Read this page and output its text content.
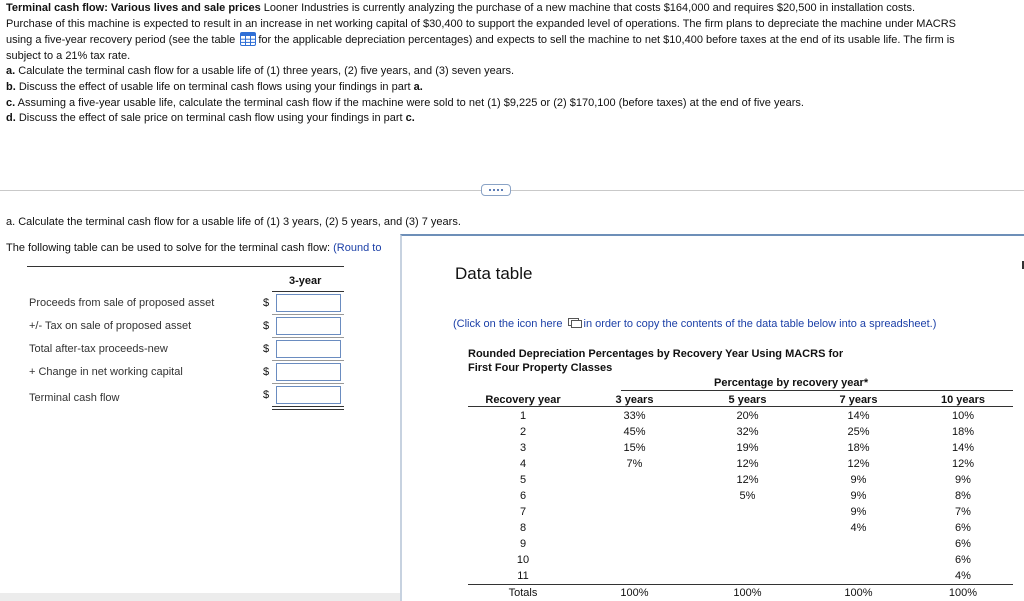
Terminal cash flow: Various lives and sale prices Looner Industries is currently analyzing the purchase of a new machine that costs $164,000 and requires $20,500 in installation costs.
Purchase of this machine is expected to result in an increase in net working capital of $30,400 to support the expanded level of operations. The firm plans to depreciate the machine under MACRS
using a five-year recovery period (see the table for the applicable depreciation percentages) and expects to sell the machine to net $10,400 before taxes at the end of its usable life. The firm is
subject to a 21% tax rate.
a. Calculate the terminal cash flow for a usable life of (1) three years, (2) five years, and (3) seven years.
b. Discuss the effect of usable life on terminal cash flows using your findings in part a.
c. Assuming a five-year usable life, calculate the terminal cash flow if the machine were sold to net (1) $9,225 or (2) $170,100 (before taxes) at the end of five years.
d. Discuss the effect of sale price on terminal cash flow using your findings in part c.
a. Calculate the terminal cash flow for a usable life of (1) 3 years, (2) 5 years, and (3) 7 years.
The following table can be used to solve for the terminal cash flow: (Round to
3-year
Proceeds from sale of proposed asset	$
+/- Tax on sale of proposed asset	$
Total after-tax proceeds-new	$
+ Change in net working capital	$
Terminal cash flow	$
Data table
(Click on the icon here in order to copy the contents of the data table below into a spreadsheet.)
Rounded Depreciation Percentages by Recovery Year Using MACRS for
First Four Property Classes
Percentage by recovery year*
Recovery year	3 years	5 years	7 years	10 years
1	33%	20%	14%	10%
2	45%	32%	25%	18%
3	15%	19%	18%	14%
4	7%	12%	12%	12%
5		12%	9%	9%
6		5%	9%	8%
7			9%	7%
8			4%	6%
9				6%
10				6%
11				4%
Totals	100%	100%	100%	100%
